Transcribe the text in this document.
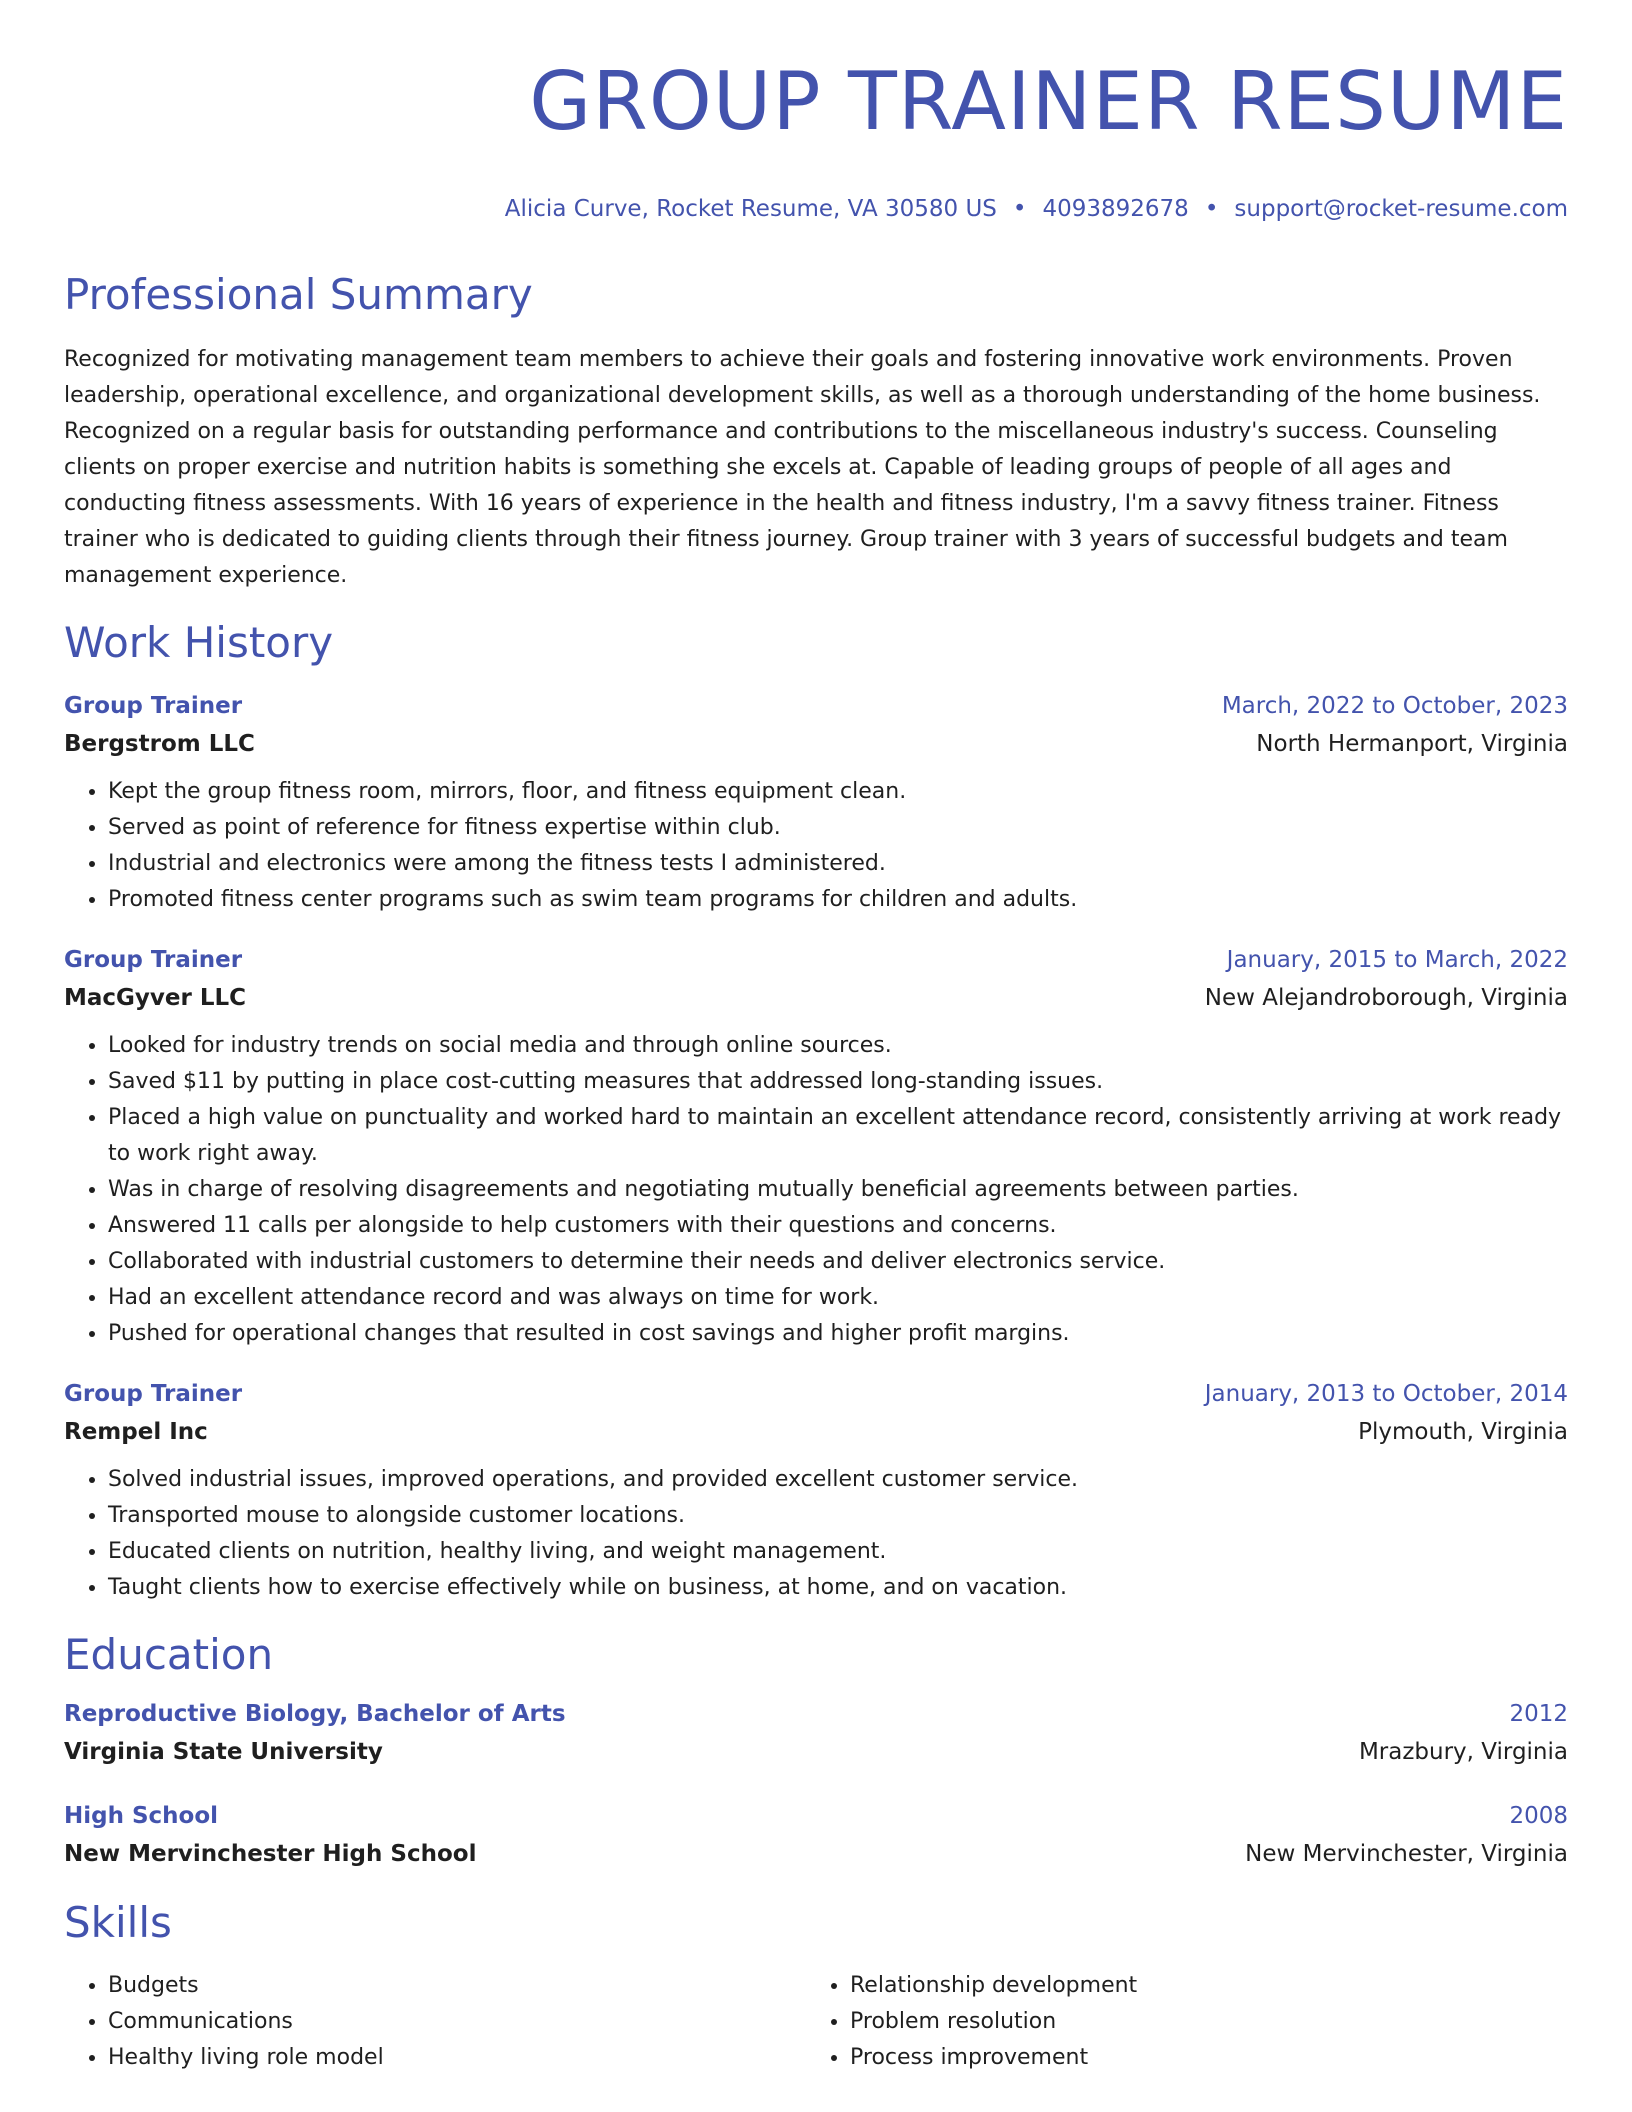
GROUP TRAINER RESUME
Alicia Curve, Rocket Resume, VA 30580 US • 4093892678 • support@rocket-resume.com
Professional Summary

Recognized for motivating management team members to achieve their goals and fostering innovative work environments. Proven leadership, operational excellence, and organizational development skills, as well as a thorough understanding of the home business. Recognized on a regular basis for outstanding performance and contributions to the miscellaneous industry's success. Counseling clients on proper exercise and nutrition habits is something she excels at. Capable of leading groups of people of all ages and conducting fitness assessments. With 16 years of experience in the health and fitness industry, I'm a savvy fitness trainer. Fitness trainer who is dedicated to guiding clients through their fitness journey. Group trainer with 3 years of successful budgets and team management experience.

Work History
Group Trainer	March, 2022 to October, 2023
Bergstrom LLC	North Hermanport, Virginia
• Kept the group fitness room, mirrors, floor, and fitness equipment clean.
• Served as point of reference for fitness expertise within club.
• Industrial and electronics were among the fitness tests I administered.
• Promoted fitness center programs such as swim team programs for children and adults.
Group Trainer	January, 2015 to March, 2022
MacGyver LLC	New Alejandroborough, Virginia
• Looked for industry trends on social media and through online sources.
• Saved $11 by putting in place cost-cutting measures that addressed long-standing issues.
• Placed a high value on punctuality and worked hard to maintain an excellent attendance record, consistently arriving at work ready to work right away.
• Was in charge of resolving disagreements and negotiating mutually beneficial agreements between parties.
• Answered 11 calls per alongside to help customers with their questions and concerns.
• Collaborated with industrial customers to determine their needs and deliver electronics service.
• Had an excellent attendance record and was always on time for work.
• Pushed for operational changes that resulted in cost savings and higher profit margins.
Group Trainer	January, 2013 to October, 2014
Rempel Inc	Plymouth, Virginia
• Solved industrial issues, improved operations, and provided excellent customer service.
• Transported mouse to alongside customer locations.
• Educated clients on nutrition, healthy living, and weight management.
• Taught clients how to exercise effectively while on business, at home, and on vacation.
Education
Reproductive Biology, Bachelor of Arts	2012
Virginia State University	Mrazbury, Virginia
High School	2008
New Mervinchester High School	New Mervinchester, Virginia
Skills
• Budgets
• Communications
• Healthy living role model
• Relationship development
• Problem resolution
• Process improvement
